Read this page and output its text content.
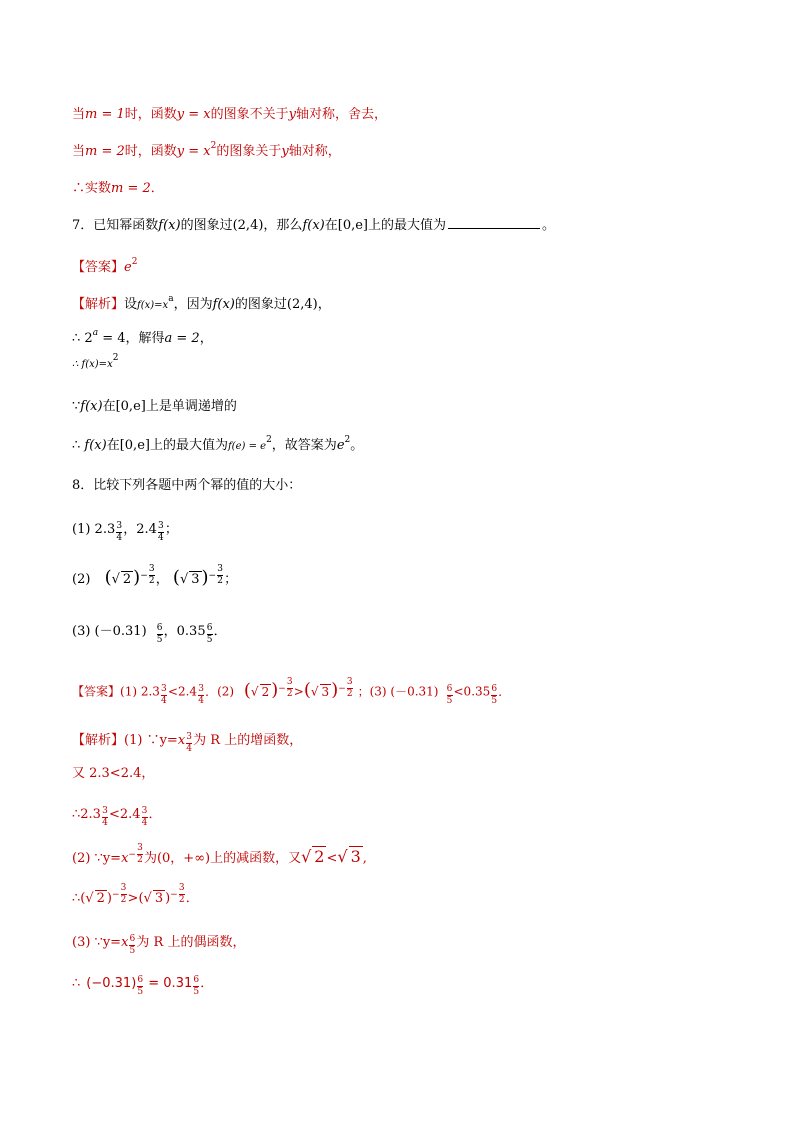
当m = 1时，函数y = x的图象不关于y轴对称，舍去，
当m = 2时，函数$y = x^2$的图象关于y轴对称，
∴实数m = 2．
7．已知幂函数f(x)的图象过(2,4)，那么f(x)在[0,e]上的最大值为	。
【答案】$e^2$
【解析】设$f(x)=x^a$，因为f(x)的图象过(2,4)，
∴ $2^a = 4$，解得a = 2，
∴ f(x)=x2
∵f(x)在[0,e]上是单调递增的
∴ f(x)在[0,e]上的最大值为$f(e) = e^2$，故答案为$e^2$。
8．比较下列各题中两个幂的值的大小：
(1) $2.3 \frac{3}{4}$ ，$2.4 \frac{3}{4}$ ；
(2) (√ 2 ) − $\frac{3}{2}$ ， (√ 3 ) − $\frac{3}{2}$ ；
(3) $(-0.31) \frac{6}{5}$ ，$0.35 \frac{6}{5}$ ．
【答案】(1) $2.3 \frac{3}{4} <2.4 \frac{3}{4}$ ．(2) (√ 2 ) − $\frac{3}{2}$ >(√ 3 ) − $\frac{3}{2}$ ；(3) $(-0.31) \frac{6}{5} <0.35 \frac{6}{5}$ ．
【解析】(1) ∵y=x $\frac{3}{4}$ 为 R 上的增函数，
又 2.3<2.4，
∴2.3 $\frac{3}{4} <2.4 \frac{3}{4}$ ．
(2) ∵y=x − $\frac{3}{2}$ 为(0，+∞)上的减函数，又√ 2 <√ 3 ,
∴(√ 2 ) − $\frac{3}{2}$ >(√ 3 ) − $\frac{3}{2}$ ．
(3) ∵y=x $\frac{6}{5}$ 为 R 上的偶函数，
∴ $(-0.31) \frac{6}{5} = 0.31 \frac{6}{5}$ ．
